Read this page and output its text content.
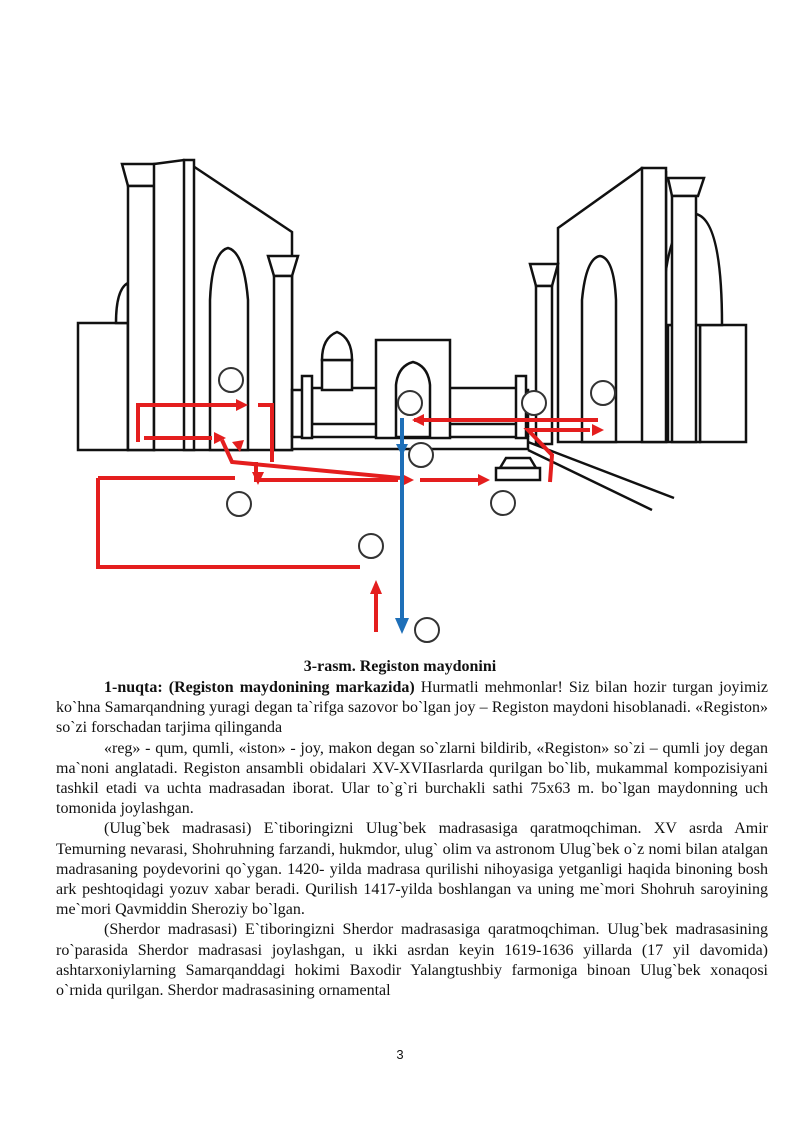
3-rasm. Registon maydonini

1-nuqta: (Registon maydonining markazida) Hurmatli mehmonlar! Siz bilan hozir turgan joyimiz ko`hna Samarqandning yuragi degan ta`rifga sazovor bo`lgan joy – Registon maydoni hisoblanadi. «Registon» so`zi forschadan tarjima qilinganda

«reg» - qum, qumli, «iston» - joy, makon degan so`zlarni bildirib, «Registon» so`zi – qumli joy degan ma`noni anglatadi. Registon ansambli obidalari XV-XVIIasrlarda qurilgan bo`lib, mukammal kompozisiyani tashkil etadi va uchta madrasadan iborat. Ular to`g`ri burchakli sathi 75x63 m. bo`lgan maydonning uch tomonida joylashgan.

(Ulug`bek madrasasi) E`tiboringizni Ulug`bek madrasasiga qaratmoqchiman. XV asrda Amir Temurning nevarasi, Shohruhning farzandi, hukmdor, ulug` olim va astronom Ulug`bek o`z nomi bilan atalgan madrasaning poydevorini qo`ygan. 1420- yilda madrasa qurilishi nihoyasiga yetganligi haqida binoning bosh ark peshtoqidagi yozuv xabar beradi. Qurilish 1417-yilda boshlangan va uning me`mori Shohruh saroyining me`mori Qavmiddin Sheroziy bo`lgan.

(Sherdor madrasasi) E`tiboringizni Sherdor madrasasiga qaratmoqchiman. Ulug`bek madrasasining ro`parasida Sherdor madrasasi joylashgan, u ikki asrdan keyin 1619-1636 yillarda (17 yil davomida) ashtarxoniylarning Samarqanddagi hokimi Baxodir Yalangtushbiy farmoniga binoan Ulug`bek xonaqosi o`rnida qurilgan. Sherdor madrasasining ornamental

3
